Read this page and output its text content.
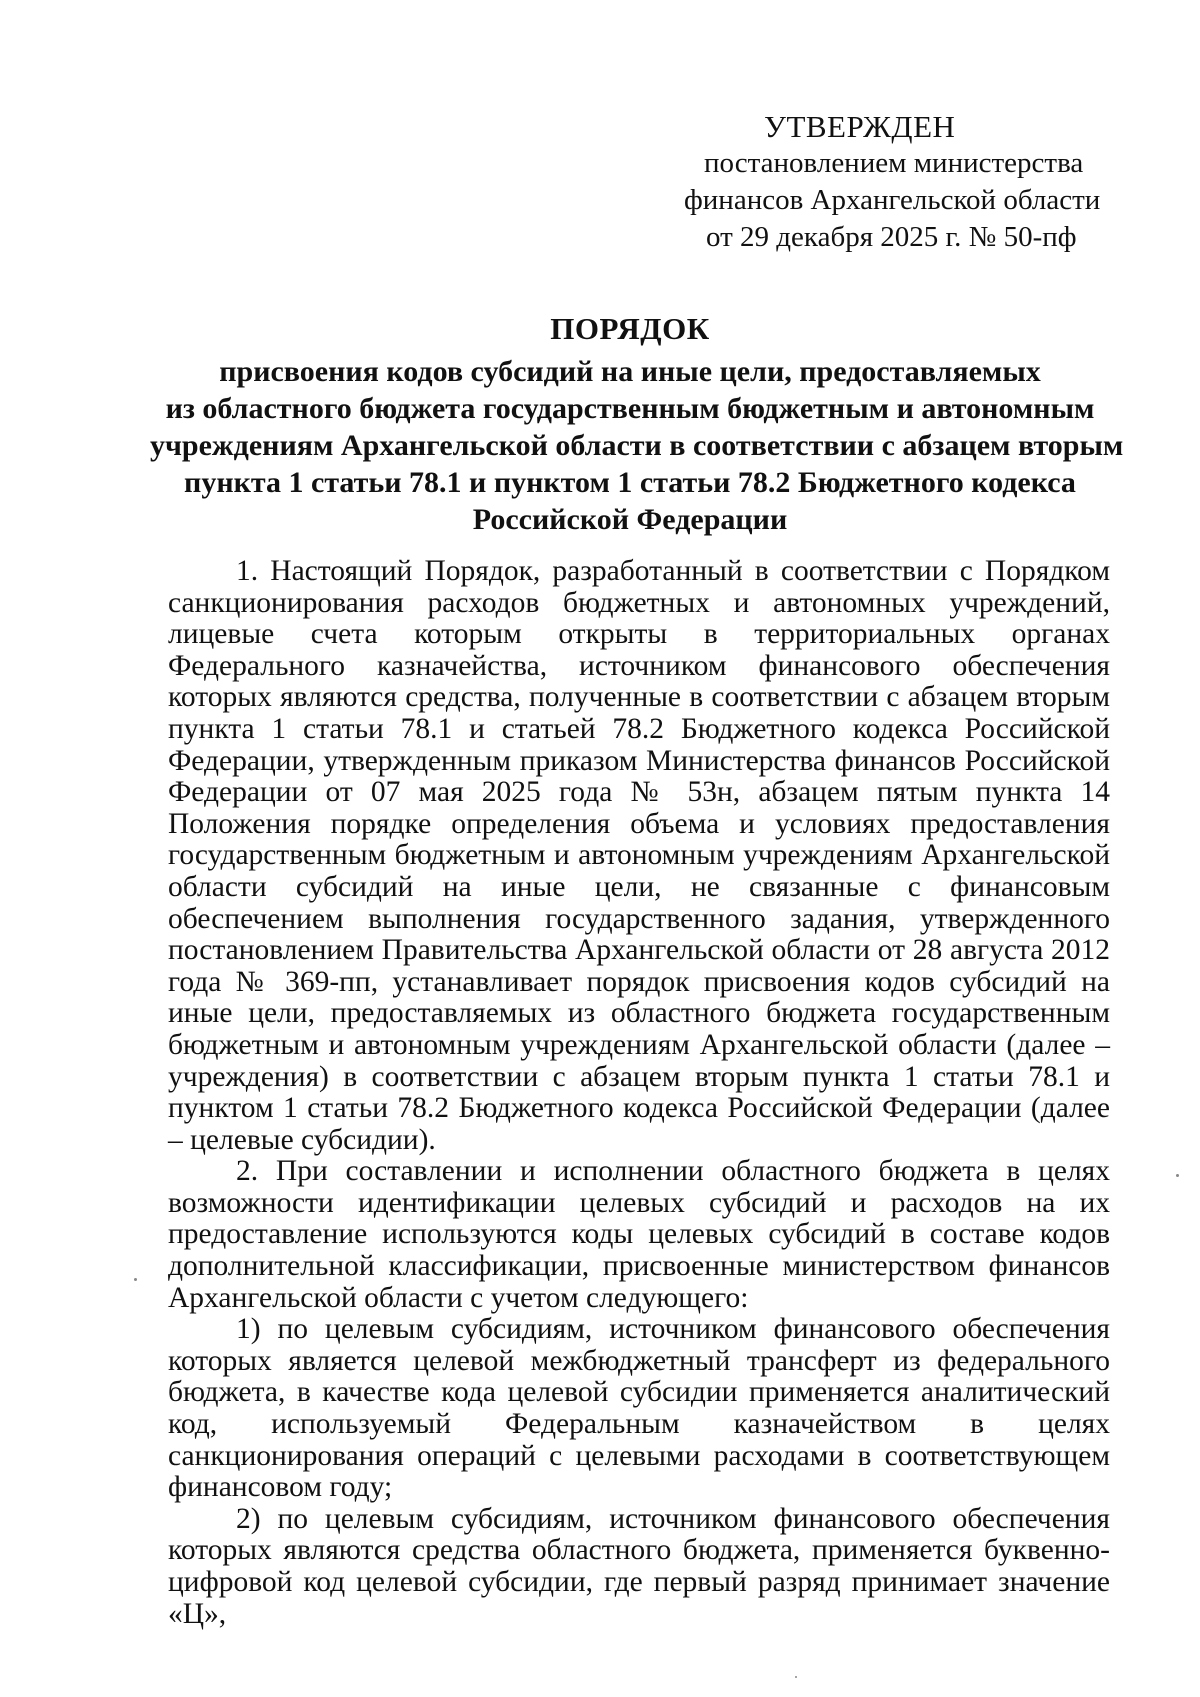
УТВЕРЖДЕН
постановлением министерства
финансов Архангельской области
от 29 декабря 2025 г. № 50-пф
ПОРЯДОК
присвоения кодов субсидий на иные цели, предоставляемых
из областного бюджета государственным бюджетным и автономным
учреждениям Архангельской области в соответствии с абзацем вторым
пункта 1 статьи 78.1 и пунктом 1 статьи 78.2 Бюджетного кодекса
Российской Федерации

1. Настоящий Порядок, разработанный в соответствии с Порядком санкционирования расходов бюджетных и автономных учреждений, лицевые счета которым открыты в территориальных органах Федерального казначейства, источником финансового обеспечения которых являются средства, полученные в соответствии с абзацем вторым пункта 1 статьи 78.1 и статьей 78.2 Бюджетного кодекса Российской Федерации, утвержденным приказом Министерства финансов Российской Федерации от 07 мая 2025 года № 53н, абзацем пятым пункта 14 Положения порядке определения объема и условиях предоставления государственным бюджетным и автономным учреждениям Архангельской области субсидий на иные цели, не связанные с финансовым обеспечением выполнения государственного задания, утвержденного постановлением Правительства Архангельской области от 28 августа 2012 года № 369-пп, устанавливает порядок присвоения кодов субсидий на иные цели, предоставляемых из областного бюджета государственным бюджетным и автономным учреждениям Архангельской области (далее – учреждения) в соответствии с абзацем вторым пункта 1 статьи 78.1 и пунктом 1 статьи 78.2 Бюджетного кодекса Российской Федерации (далее – целевые субсидии).

2. При составлении и исполнении областного бюджета в целях возможности идентификации целевых субсидий и расходов на их предоставление используются коды целевых субсидий в составе кодов дополнительной классификации, присвоенные министерством финансов Архангельской области с учетом следующего:

1) по целевым субсидиям, источником финансового обеспечения которых является целевой межбюджетный трансферт из федерального бюджета, в качестве кода целевой субсидии применяется аналитический код, используемый Федеральным казначейством в целях санкционирования операций с целевыми расходами в соответствующем финансовом году;

2) по целевым субсидиям, источником финансового обеспечения которых являются средства областного бюджета, применяется буквенно-цифровой код целевой субсидии, где первый разряд принимает значение «Ц»,
